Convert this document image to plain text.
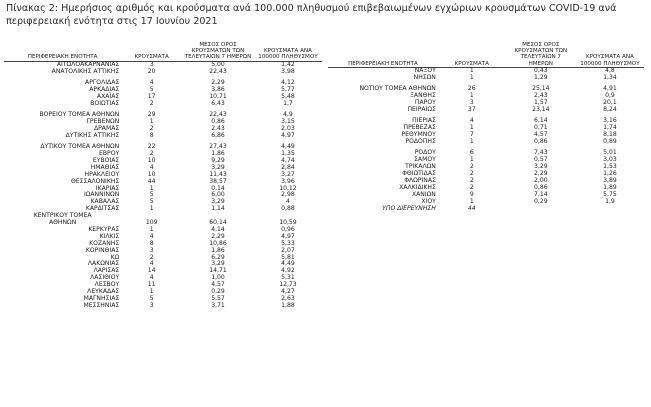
Πίνακας 2: Ημερήσιος αριθμός και κρούσματα ανά 100.000 πληθυσμού επιβεβαιωμένων εγχώριων κρουσμάτων COVID-19 ανά περιφερειακή ενότητα στις 17 Ιουνίου 2021
ΠΕΡΙΦΕΡΕΙΑΚΗ ΕΝΟΤΗΤΑ	ΚΡΟΥΣΜΑΤΑ	ΜΕΣΟΣ ΟΡΟΣ ΚΡΟΥΣΜΑΤΩΝ ΤΩΝ ΤΕΛΕΥΤΑΙΩΝ 7 ΗΜΕΡΩΝ	ΚΡΟΥΣΜΑΤΑ ΑΝΑ 100000 ΠΛΗΘΥΣΜΟΥ
ΑΙΤΩΛΟΑΚΑΡΝΑΝΙΑΣ	3	5,00	1,42
ΑΝΑΤΟΛΙΚΗΣ ΑΤΤΙΚΗΣ	20	22,43	3,98

ΑΡΓΟΛΙΔΑΣ	4	2,29	4,12
ΑΡΚΑΔΙΑΣ	5	3,86	5,77
ΑΧΑΪΑΣ	17	10,71	5,48
ΒΟΙΩΤΙΑΣ	2	6,43	1,7

ΒΟΡΕΙΟΥ ΤΟΜΕΑ ΑΘΗΝΩΝ	29	22,43	4,9
ΓΡΕΒΕΝΩΝ	1	0,86	3,15
ΔΡΑΜΑΣ	2	2,43	2,03
ΔΥΤΙΚΗΣ ΑΤΤΙΚΗΣ	8	6,86	4,97

ΔΥΤΙΚΟΥ ΤΟΜΕΑ ΑΘΗΝΩΝ	22	27,43	4,49
ΕΒΡΟΥ	2	1,86	1,35
ΕΥΒΟΙΑΣ	10	9,29	4,74
ΗΜΑΘΙΑΣ	4	3,29	2,84
ΗΡΑΚΛΕΙΟΥ	10	11,43	3,27
ΘΕΣΣΑΛΟΝΙΚΗΣ	44	38,57	3,96
ΙΚΑΡΙΑΣ	1	0,14	10,12
ΙΩΑΝΝΙΝΩΝ	5	6,00	2,98
ΚΑΒΑΛΑΣ	5	3,29	4
ΚΑΡΔΙΤΣΑΣ	1	1,14	0,88
ΚΕΝΤΡΙΚΟΥ ΤΟΜΕΑ			
ΑΘΗΝΩΝ	109	60,14	10,59
ΚΕΡΚΥΡΑΣ	1	4,14	0,96
ΚΙΛΚΙΣ	4	2,29	4,97
ΚΟΖΑΝΗΣ	8	10,86	5,33
ΚΟΡΙΝΘΙΑΣ	3	1,86	2,07
ΚΩ	2	6,29	5,81
ΛΑΚΩΝΙΑΣ	4	3,29	4,49
ΛΑΡΙΣΑΣ	14	14,71	4,92
ΛΑΣΙΘΙΟΥ	4	1,00	5,31
ΛΕΣΒΟΥ	11	4,57	12,73
ΛΕΥΚΑΔΑΣ	1	0,29	4,27
ΜΑΓΝΗΣΙΑΣ	5	5,57	2,63
ΜΕΣΣΗΝΙΑΣ	3	3,71	1,88
ΠΕΡΙΦΕΡΕΙΑΚΗ ΕΝΟΤΗΤΑ	ΚΡΟΥΣΜΑΤΑ	ΜΕΣΟΣ ΟΡΟΣ ΚΡΟΥΣΜΑΤΩΝ ΤΩΝ ΤΕΛΕΥΤΑΙΩΝ 7 ΗΜΕΡΩΝ	ΚΡΟΥΣΜΑΤΑ ΑΝΑ 100000 ΠΛΗΘΥΣΜΟΥ
ΝΑΞΟΥ	1	0,43	4,8
ΝΗΣΩΝ	1	1,29	1,34

ΝΟΤΙΟΥ ΤΟΜΕΑ ΑΘΗΝΩΝ	26	25,14	4,91
ΞΑΝΘΗΣ	1	2,43	0,9
ΠΑΡΟΥ	3	1,57	20,1
ΠΕΙΡΑΙΩΣ	37	23,14	8,24

ΠΙΕΡΙΑΣ	4	6,14	3,16
ΠΡΕΒΕΖΑΣ	1	0,71	1,74
ΡΕΘΥΜΝΟΥ	7	4,57	8,18
ΡΟΔΟΠΗΣ	1	0,86	0,89

ΡΟΔΟΥ	6	7,43	5,01
ΣΑΜΟΥ	1	0,57	3,03
ΤΡΙΚΑΛΩΝ	2	3,29	1,53
ΦΘΙΩΤΙΔΑΣ	2	2,29	1,26
ΦΛΩΡΙΝΑΣ	2	2,00	3,89
ΧΑΛΚΙΔΙΚΗΣ	2	0,86	1,89
ΧΑΝΙΩΝ	9	7,14	5,75
ΧΙΟΥ	1	0,29	1,9
ΥΠΟ ΔΙΕΡΕΥΝΗΣΗ	44		
